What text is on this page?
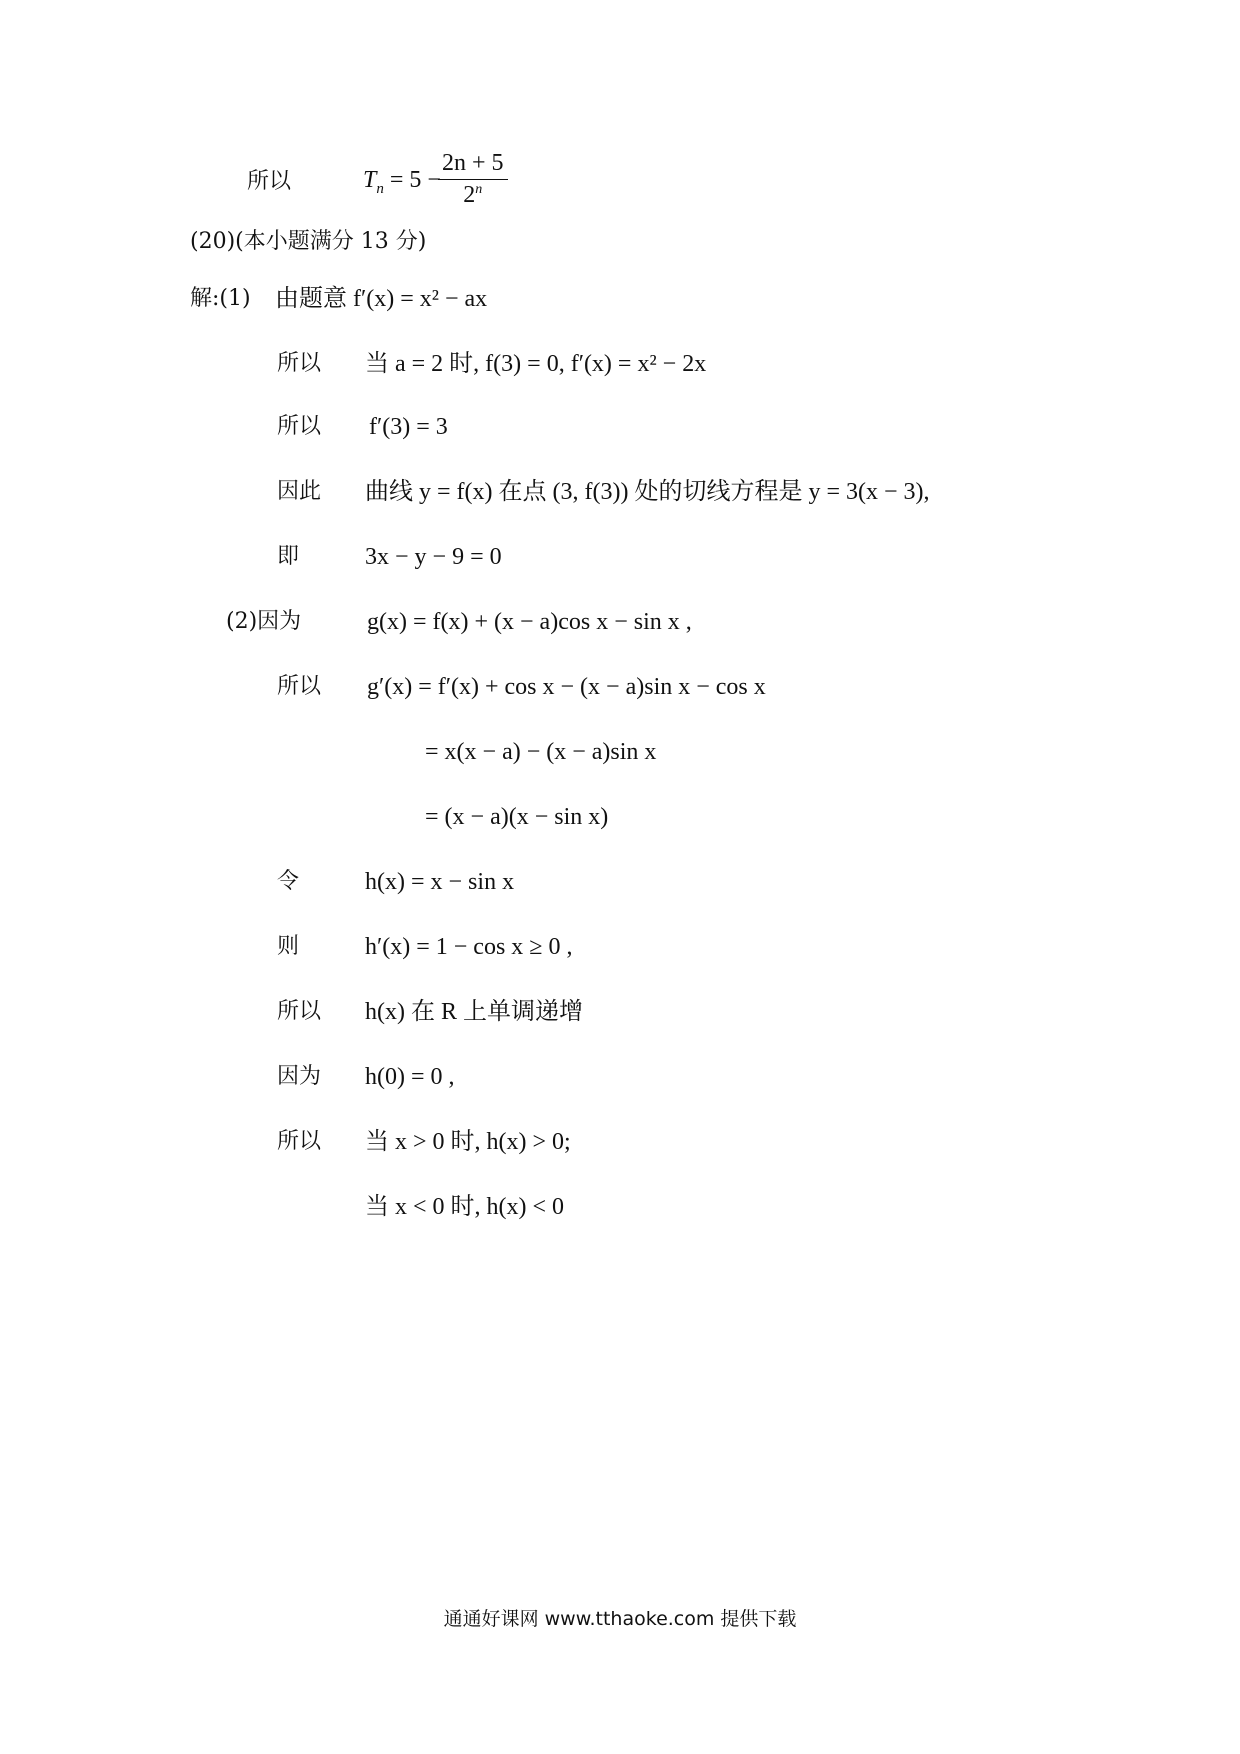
所以	$T_n = 5$ −
$\frac{2n + 5}{2^n}$
(20)(本小题满分 13 分)
解:(1) 由题意 f′(x) = x² − ax
所以 当 a = 2 时, f(3) = 0, f′(x) = x² − 2x
所以 f′(3) = 3
因此 曲线 y = f(x) 在点 (3, f(3)) 处的切线方程是 y = 3(x − 3),
即	3x − y − 9 = 0
(2)因为	g(x) = f(x) + (x − a)cos x − sin x ,
所以 g′(x) = f′(x) + cos x − (x − a)sin x − cos x
= x(x − a) − (x − a)sin x
= (x − a)(x − sin x)
令	h(x) = x − sin x
则	h′(x) = 1 − cos x ≥ 0 ,
所以 h(x) 在 R 上单调递增
因为 h(0) = 0 ,
所以 当 x > 0 时, h(x) > 0;
当 x < 0 时, h(x) < 0
通通好课网 www.tthaoke.com 提供下载
